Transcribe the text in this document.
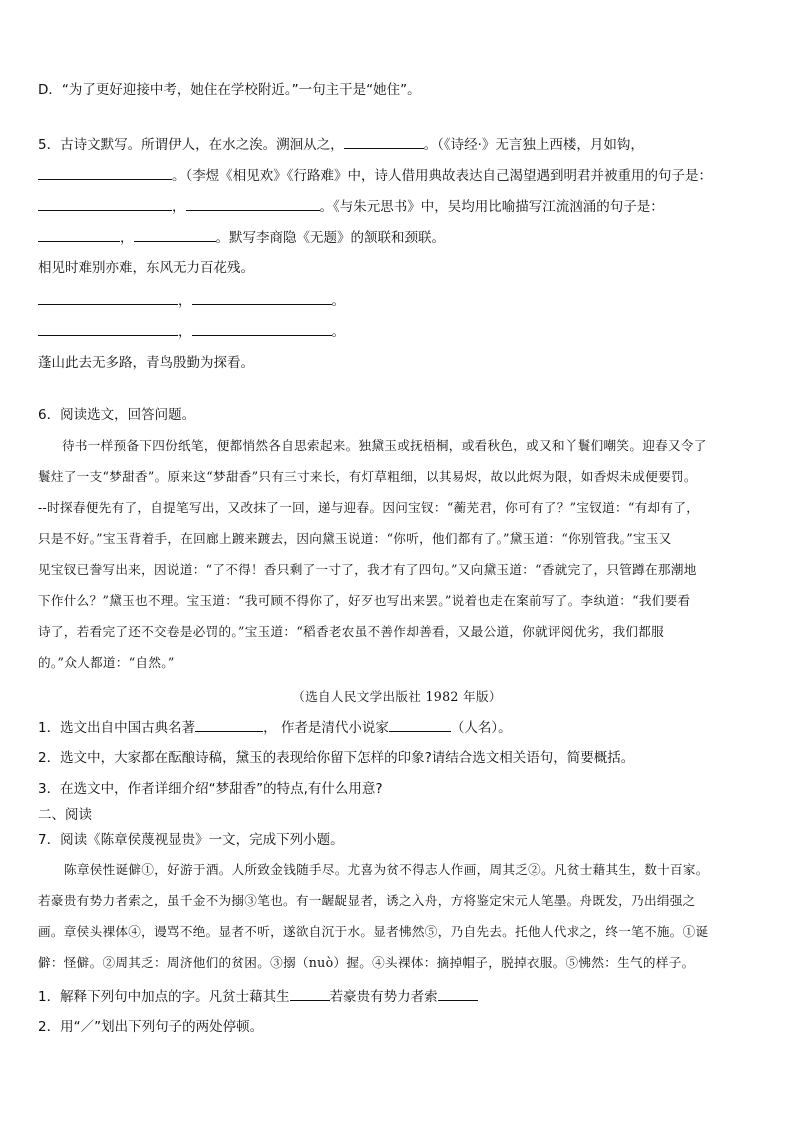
D．“为了更好迎接中考，她住在学校附近。”一句主干是“她住”。
5．古诗文默写。所谓伊人，在水之涘。溯洄从之，	。（《诗经·》无言独上西楼，月如钩，
。（李煜《相见欢》《行路难》中，诗人借用典故表达自己渴望遇到明君并被重用的句子是：
，	。《与朱元思书》中，吴均用比喻描写江流汹涌的句子是：
，	。默写李商隐《无题》的颔联和颈联。
相见时难别亦难，东风无力百花残。
，	。
，	。
蓬山此去无多路，青鸟殷勤为探看。
6．阅读选文，回答问题。
待书一样预备下四份纸笔，便都悄然各自思索起来。独黛玉或抚梧桐，或看秋色，或又和丫鬟们嘲笑。迎春又令了
鬟炷了一支“梦甜香”。原来这“梦甜香”只有三寸来长，有灯草粗细，以其易烬，故以此烬为限，如香烬未成便要罚。
--时探春便先有了，自提笔写出，又改抹了一回，递与迎春。因问宝钗：“蘅芜君，你可有了？”宝钗道：“有却有了，
只是不好。”宝玉背着手，在回廊上踱来踱去，因向黛玉说道：“你听，他们都有了。”黛玉道：“你别管我。”宝玉又
见宝钗已誊写出来，因说道：“了不得！香只剩了一寸了，我才有了四句。”又向黛玉道：“香就完了，只管蹲在那潮地
下作什么？”黛玉也不理。宝玉道：“我可顾不得你了，好歹也写出来罢。”说着也走在案前写了。李纨道：“我们要看
诗了，若看完了还不交卷是必罚的。”宝玉道：“稻香老农虽不善作却善看，又最公道，你就评阅优劣，我们都服
的。”众人都道：“自然。”
（选自人民文学出版社 1982 年版）
1．选文出自中国古典名著	， 作者是清代小说家	（人名）。
2．选文中，大家都在酝酿诗稿，黛玉的表现给你留下怎样的印象?请结合选文相关语句，简要概括。
3．在选文中，作者详细介绍“梦甜香”的特点,有什么用意?
二、阅读
7．阅读《陈章侯蔑视显贵》一文，完成下列小题。
陈章侯性诞僻①，好游于酒。人所致金钱随手尽。尤喜为贫不得志人作画，周其乏②。凡贫士藉其生，数十百家。
若豪贵有势力者索之，虽千金不为搦③笔也。有一龌龊显者，诱之入舟，方将鉴定宋元人笔墨。舟既发，乃出绢强之
画。章侯头裸体④，谩骂不绝。显者不听，遂欲自沉于水。显者怫然⑤，乃自先去。托他人代求之，终一笔不施。①诞
僻：怪僻。②周其乏：周济他们的贫困。③搦（nuò）握。④头裸体：摘掉帽子，脱掉衣服。⑤怫然：生气的样子。
1．解释下列句中加点的字。凡贫士藉其生	若豪贵有势力者索
2．用“／”划出下列句子的两处停顿。
